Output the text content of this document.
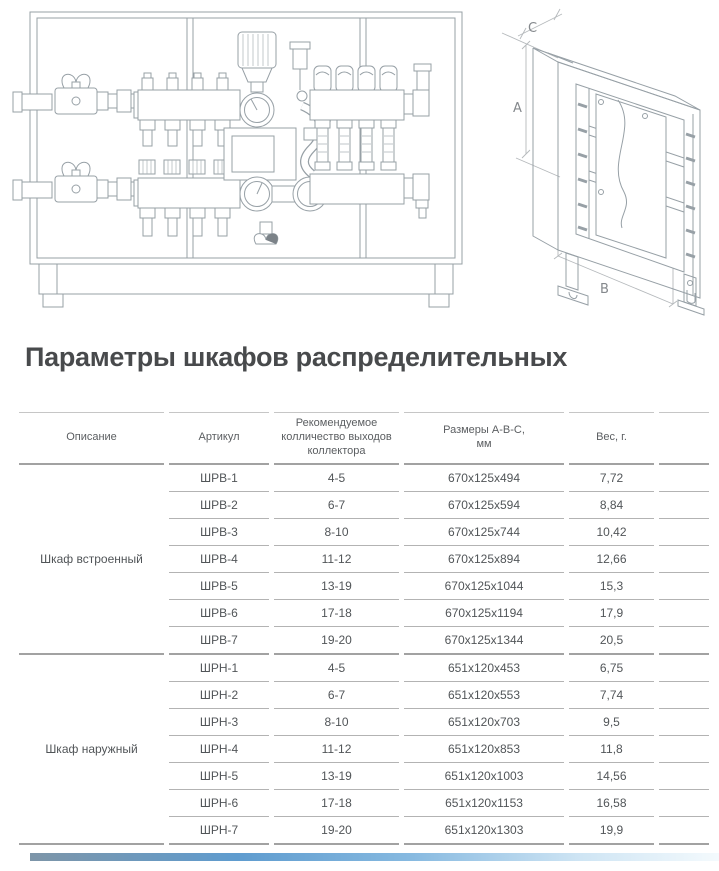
C
A
B
Параметры шкафов распределительных
Описание	Артикул	Рекомендуемое колличество выходов коллектора	Размеры А-В-С, мм	Вес, г.	
Шкаф встроенный	ШРВ-1	4-5	670x125x494	7,72	
	ШРВ-2	6-7	670x125x594	8,84	
	ШРВ-3	8-10	670x125x744	10,42	
	ШРВ-4	11-12	670x125x894	12,66	
	ШРВ-5	13-19	670x125x1044	15,3	
	ШРВ-6	17-18	670x125x1194	17,9	
	ШРВ-7	19-20	670x125x1344	20,5	
Шкаф наружный	ШРН-1	4-5	651x120x453	6,75	
	ШРН-2	6-7	651x120x553	7,74	
	ШРН-3	8-10	651x120x703	9,5	
	ШРН-4	11-12	651x120x853	11,8	
	ШРН-5	13-19	651x120x1003	14,56	
	ШРН-6	17-18	651x120x1153	16,58	
	ШРН-7	19-20	651x120x1303	19,9	
